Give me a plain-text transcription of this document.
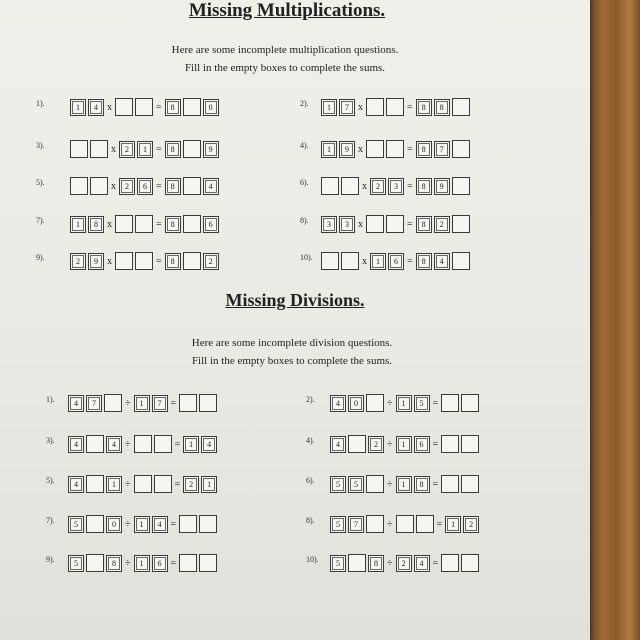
Missing Multiplications.
Here are some incomplete multiplication questions.
Fill in the empty boxes to complete the sums.
1).	1	4 x	=	8	0	2).	1	7 x	=	8	8
3).	x	2	1 =	8	9	4).	1	9 x	=	8	7
5).	x	2	6 =	8	4	6).	x	2	3 =	8	9
7).	1	8 x	=	8	6	8).	3	3 x	=	8	2
9).	2	9 x	=	8	2	10).	x	1	6 =	8	4
Missing Divisions.
Here are some incomplete division questions.
Fill in the empty boxes to complete the sums.
1).	4	7	÷	1	7 =	2).	4	0	÷	1	5 =
3).	4	4 ÷	=	1	4	4).	4	2 ÷	1	6 =
5).	4	1 ÷	=	2	1	6).	5	5	÷	1	8 =
7).	5	0 ÷	1	4 =	8).	5	7	÷	=	1	2
9).	5	8 ÷	1	6 =	10).	5	8 ÷	2	4 =
